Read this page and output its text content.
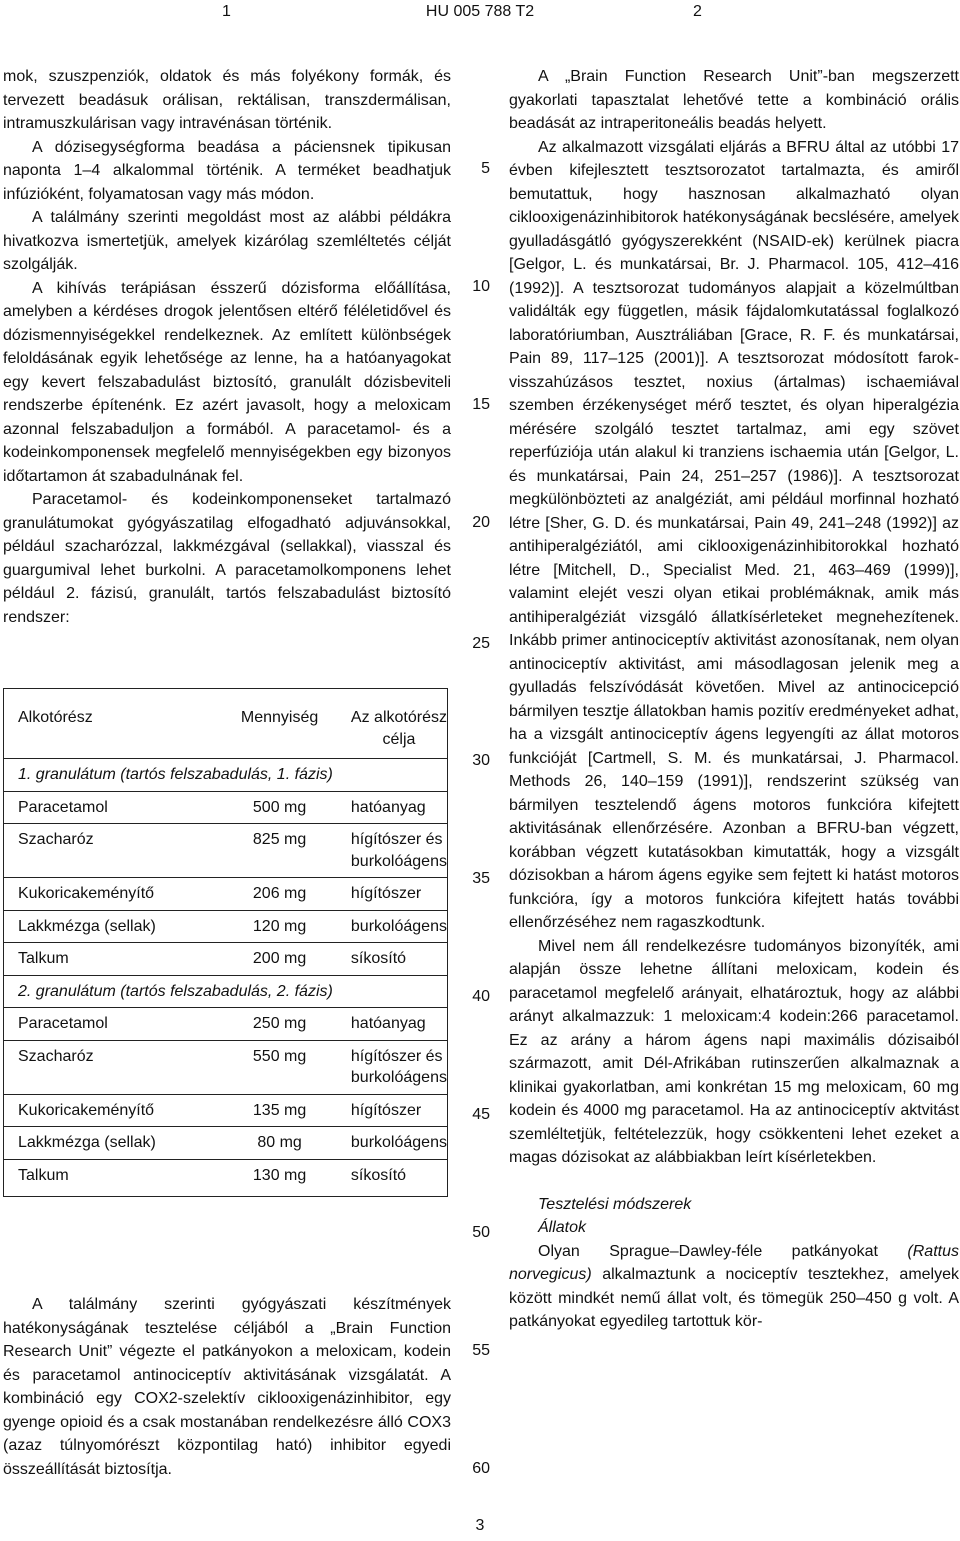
1	HU 005 788 T2	2

mok, szuszpenziók, oldatok és más folyékony formák, és tervezett beadásuk orálisan, rektálisan, transzdermálisan, intramuszkulárisan vagy intravénásan történik.

A dózisegységforma beadása a páciensnek tipikusan naponta 1–4 alkalommal történik. A terméket beadhatjuk infúzióként, folyamatosan vagy más módon.

A találmány szerinti megoldást most az alábbi példákra hivatkozva ismertetjük, amelyek kizárólag szemléltetés célját szolgálják.

A kihívás terápiásan ésszerű dózisforma előállítása, amelyben a kérdéses drogok jelentősen eltérő féléletidővel és dózismennyiségekkel rendelkeznek. Az említett különbségek feloldásának egyik lehetősége az lenne, ha a hatóanyagokat egy kevert felszabadulást biztosító, granulált dózisbeviteli rendszerbe építenénk. Ez azért javasolt, hogy a meloxicam azonnal felszabaduljon a formából. A paracetamol- és a kodeinkomponensek megfelelő mennyiségekben egy bizonyos időtartamon át szabadulnának fel.

Paracetamol- és kodeinkomponenseket tartalmazó granulátumokat gyógyászatilag elfogadható adjuvánsokkal, például szacharózzal, lakkmézgával (sellakkal), viasszal és guargumival lehet burkolni. A paracetamolkomponens lehet például 2. fázisú, granulált, tartós felszabadulást biztosító rendszer:

Alkotórész	Mennyiség	Az alkotórész célja
1. granulátum (tartós felszabadulás, 1. fázis)		
Paracetamol	500 mg	hatóanyag
Szacharóz	825 mg	hígítószer és burkolóágens
Kukoricakeményítő	206 mg	hígítószer
Lakkmézga (sellak)	120 mg	burkolóágens
Talkum	200 mg	síkosító
2. granulátum (tartós felszabadulás, 2. fázis)		
Paracetamol	250 mg	hatóanyag
Szacharóz	550 mg	hígítószer és burkolóágens
Kukoricakeményítő	135 mg	hígítószer
Lakkmézga (sellak)	80 mg	burkolóágens
Talkum	130 mg	síkosító

A találmány szerinti gyógyászati készítmények hatékonyságának tesztelése céljából a „Brain Function Research Unit” végezte el patkányokon a meloxicam, kodein és paracetamol antinociceptív aktivitásának vizsgálatát. A kombináció egy COX2-szelektív ciklooxigenázinhibitor, egy gyenge opioid és a csak mostanában rendelkezésre álló COX3 (azaz túlnyomórészt központilag ható) inhibitor egyedi összeállítását biztosítja.

5
10
15
20
25
30
35
40
45
50
55
60

A „Brain Function Research Unit”-ban megszerzett gyakorlati tapasztalat lehetővé tette a kombináció orális beadását az intraperitoneális beadás helyett.

Az alkalmazott vizsgálati eljárás a BFRU által az utóbbi 17 évben kifejlesztett tesztsorozatot tartalmazta, és amiről bemutattuk, hogy hasznosan alkalmazható olyan ciklooxigenázinhibitorok hatékonyságának becslésére, amelyek gyulladásgátló gyógyszerekként (NSAID-ek) kerülnek piacra [Gelgor, L. és munkatársai, Br. J. Pharmacol. 105, 412–416 (1992)]. A tesztsorozat tudományos alapjait a közelmúltban validálták egy független, másik fájdalomkutatással foglalkozó laboratóriumban, Ausztráliában [Grace, R. F. és munkatársai, Pain 89, 117–125 (2001)]. A tesztsorozat módosított farok-visszahúzásos tesztet, noxius (ártalmas) ischaemiával szemben érzékenységet mérő tesztet, és olyan hiperalgézia mérésére szolgáló tesztet tartalmaz, ami egy szövet reperfúziója után alakul ki tranziens ischaemia után [Gelgor, L. és munkatársai, Pain 24, 251–257 (1986)]. A tesztsorozat megkülönbözteti az analgéziát, ami például morfinnal hozható létre [Sher, G. D. és munkatársai, Pain 49, 241–248 (1992)] az antihiperalgéziától, ami ciklooxigenázinhibitorokkal hozható létre [Mitchell, D., Specialist Med. 21, 463–469 (1999)], valamint elejét veszi olyan etikai problémáknak, amik más antihiperalgéziát vizsgáló állatkísérleteket megnehezítenek. Inkább primer antinociceptív aktivitást azonosítanak, nem olyan antinociceptív aktivitást, ami másodlagosan jelenik meg a gyulladás felszívódását követően. Mivel az antinocicepció bármilyen tesztje állatokban hamis pozitív eredményeket adhat, ha a vizsgált antinociceptív ágens legyengíti az állat motoros funkcióját [Cartmell, S. M. és munkatársai, J. Pharmacol. Methods 26, 140–159 (1991)], rendszerint szükség van bármilyen tesztelendő ágens motoros funkcióra kifejtett aktivitásának ellenőrzésére. Azonban a BFRU-ban végzett, korábban végzett kutatásokban kimutatták, hogy a vizsgált dózisokban a három ágens egyike sem fejtett ki hatást motoros funkcióra, így a motoros funkcióra kifejtett hatás további ellenőrzéséhez nem ragaszkodtunk.

Mivel nem áll rendelkezésre tudományos bizonyíték, ami alapján össze lehetne állítani meloxicam, kodein és paracetamol megfelelő arányait, elhatároztuk, hogy az alábbi arányt alkalmazzuk: 1 meloxicam:4 kodein:266 paracetamol. Ez az arány a három ágens napi maximális dózisaiból származott, amit Dél-Afrikában rutinszerűen alkalmaznak a klinikai gyakorlatban, ami konkrétan 15 mg meloxicam, 60 mg kodein és 4000 mg paracetamol. Ha az antinociceptív aktvitást szemléltetjük, feltételezzük, hogy csökkenteni lehet ezeket a magas dózisokat az alábbiakban leírt kísérletekben.

Tesztelési módszerek

Állatok

Olyan Sprague–Dawley-féle patkányokat (Rattus norvegicus) alkalmaztunk a nociceptív tesztekhez, amelyek között mindkét nemű állat volt, és tömegük 250–450 g volt. A patkányokat egyedileg tartottuk kör-

3
